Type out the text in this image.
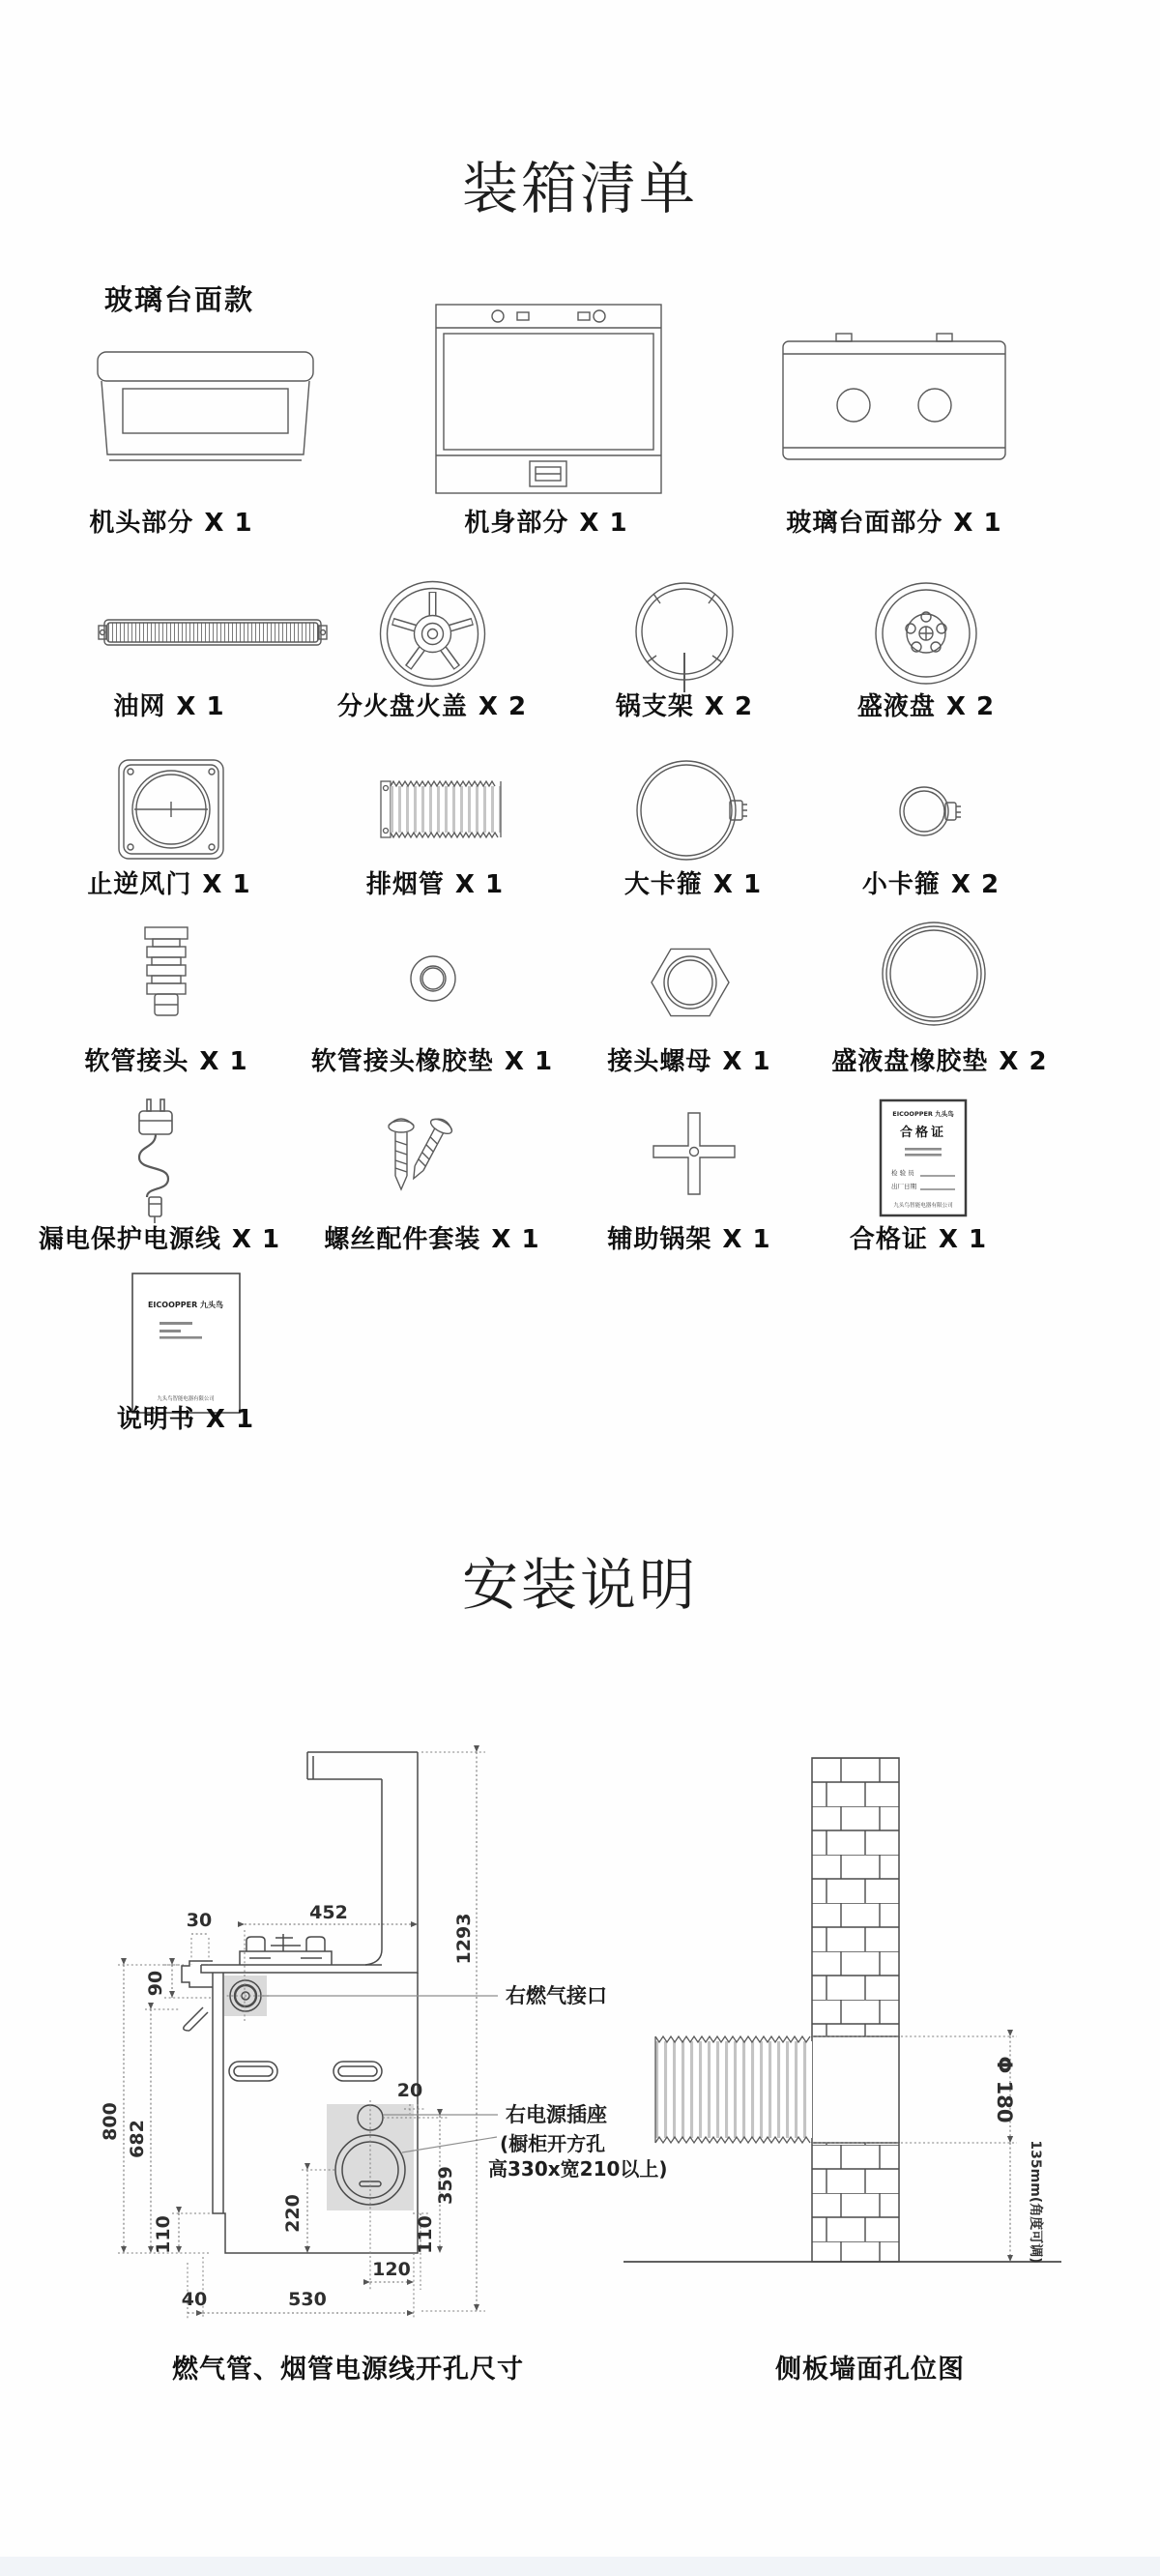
装箱清单
玻璃台面款
机头部分 X 1	机身部分 X 1	玻璃台面部分 X 1
油网 X 1	分火盘火盖 X 2	锅支架 X 2	盛液盘 X 2
止逆风门 X 1	排烟管 X 1	大卡箍 X 1	小卡箍 X 2
软管接头 X 1	软管接头橡胶垫 X 1	接头螺母 X 1	盛液盘橡胶垫 X 2
EICOOPPER 九头鸟
合格证
检 验 员
出厂日期
九头鸟智能电器有限公司
漏电保护电源线 X 1	螺丝配件套装 X 1	辅助锅架 X 1	合格证 X 1
EICOOPPER 九头鸟
九头鸟智能电器有限公司
说明书 X 1
安装说明
452
30
90
1293
800 682
110
220
359
110
20
120
530
40
右燃气接口
右电源插座
(橱柜开方孔
高330x宽210以上)
Φ 180
135mm(角度可调)
燃气管、烟管电源线开孔尺寸	侧板墙面孔位图
